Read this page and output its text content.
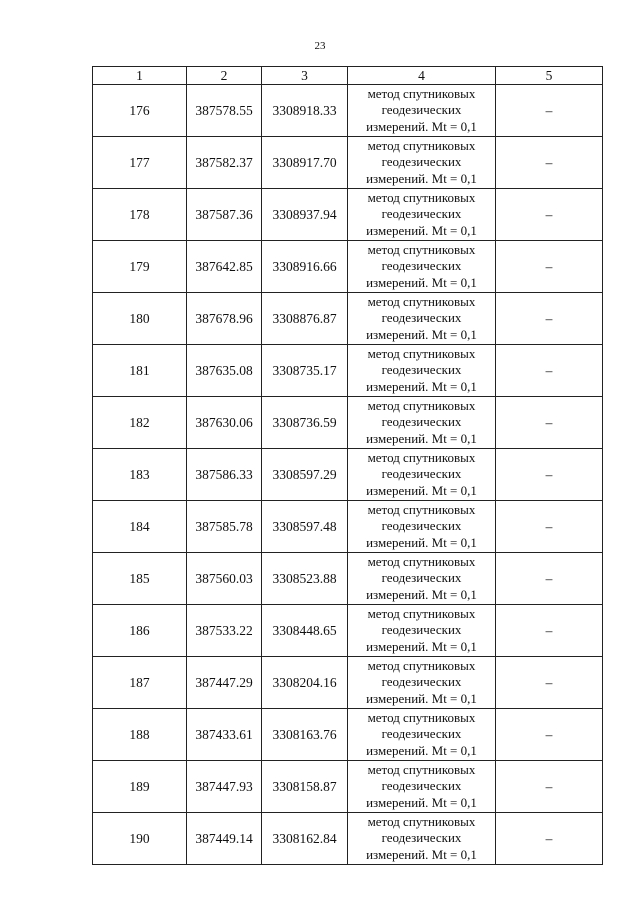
23
1	2	3	4	5
176	387578.55	3308918.33	метод спутниковых
геодезических
измерений. Mt = 0,1	–
177	387582.37	3308917.70	метод спутниковых
геодезических
измерений. Mt = 0,1	–
178	387587.36	3308937.94	метод спутниковых
геодезических
измерений. Mt = 0,1	–
179	387642.85	3308916.66	метод спутниковых
геодезических
измерений. Mt = 0,1	–
180	387678.96	3308876.87	метод спутниковых
геодезических
измерений. Mt = 0,1	–
181	387635.08	3308735.17	метод спутниковых
геодезических
измерений. Mt = 0,1	–
182	387630.06	3308736.59	метод спутниковых
геодезических
измерений. Mt = 0,1	–
183	387586.33	3308597.29	метод спутниковых
геодезических
измерений. Mt = 0,1	–
184	387585.78	3308597.48	метод спутниковых
геодезических
измерений. Mt = 0,1	–
185	387560.03	3308523.88	метод спутниковых
геодезических
измерений. Mt = 0,1	–
186	387533.22	3308448.65	метод спутниковых
геодезических
измерений. Mt = 0,1	–
187	387447.29	3308204.16	метод спутниковых
геодезических
измерений. Mt = 0,1	–
188	387433.61	3308163.76	метод спутниковых
геодезических
измерений. Mt = 0,1	–
189	387447.93	3308158.87	метод спутниковых
геодезических
измерений. Mt = 0,1	–
190	387449.14	3308162.84	метод спутниковых
геодезических
измерений. Mt = 0,1	–
